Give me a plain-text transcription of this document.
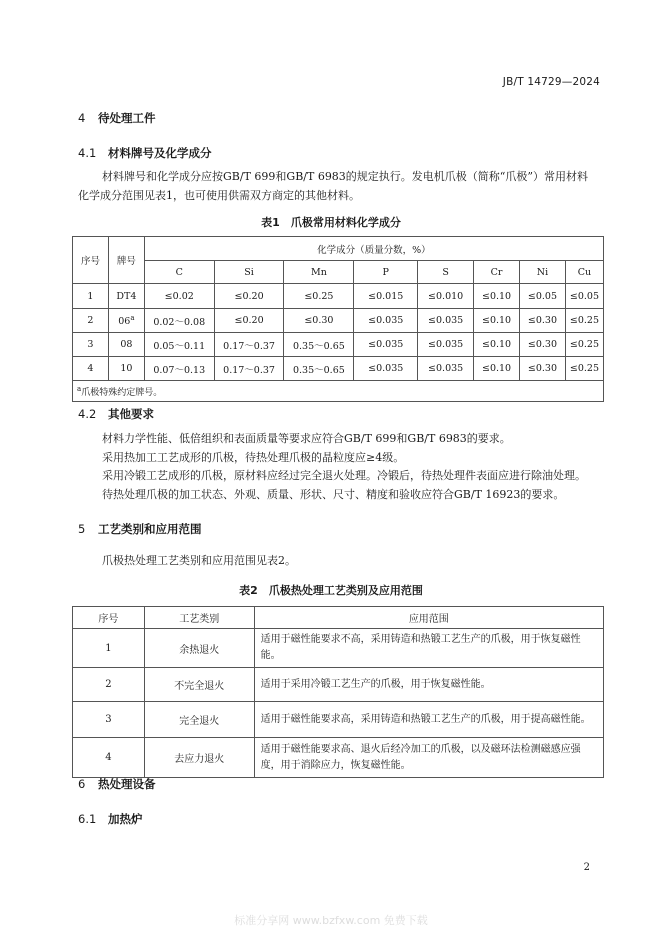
JB/T 14729—2024
4 待处理工件
4.1 材料牌号及化学成分
材料牌号和化学成分应按GB/T 699和GB/T 6983的规定执行。发电机爪极（简称“爪极”）常用材料
化学成分范围见表1，也可使用供需双方商定的其他材料。
表1　爪极常用材料化学成分
序号	牌号	化学成分（质量分数，%）							
		C	Si	Mn	P	S	Cr	Ni	Cu
1	DT4	≤0.02	≤0.20	≤0.25	≤0.015	≤0.010	≤0.10	≤0.05	≤0.05
2	06$^a$	0.02～0.08	≤0.20	≤0.30	≤0.035	≤0.035	≤0.10	≤0.30	≤0.25
3	08	0.05～0.11	0.17～0.37	0.35～0.65	≤0.035	≤0.035	≤0.10	≤0.30	≤0.25
4	10	0.07～0.13	0.17～0.37	0.35～0.65	≤0.035	≤0.035	≤0.10	≤0.30	≤0.25
$^a$爪极特殊约定牌号。									
4.2 其他要求
材料力学性能、低倍组织和表面质量等要求应符合GB/T 699和GB/T 6983的要求。
采用热加工工艺成形的爪极，待热处理爪极的晶粒度应≥4级。
采用冷锻工艺成形的爪极，原材料应经过完全退火处理。冷锻后，待热处理件表面应进行除油处理。
待热处理爪极的加工状态、外观、质量、形状、尺寸、精度和验收应符合GB/T 16923的要求。
5 工艺类别和应用范围
爪极热处理工艺类别和应用范围见表2。
表2　爪极热处理工艺类别及应用范围
序号	工艺类别	应用范围
1	余热退火	适用于磁性能要求不高，采用铸造和热锻工艺生产的爪极，用于恢复磁性能。
2	不完全退火	适用于采用冷锻工艺生产的爪极，用于恢复磁性能。
3	完全退火	适用于磁性能要求高，采用铸造和热锻工艺生产的爪极，用于提高磁性能。
4	去应力退火	适用于磁性能要求高、退火后经冷加工的爪极，以及磁环法检测磁感应强度，用于消除应力，恢复磁性能。
6 热处理设备
6.1 加热炉
2
标准分享网 www.bzfxw.com 免费下载
